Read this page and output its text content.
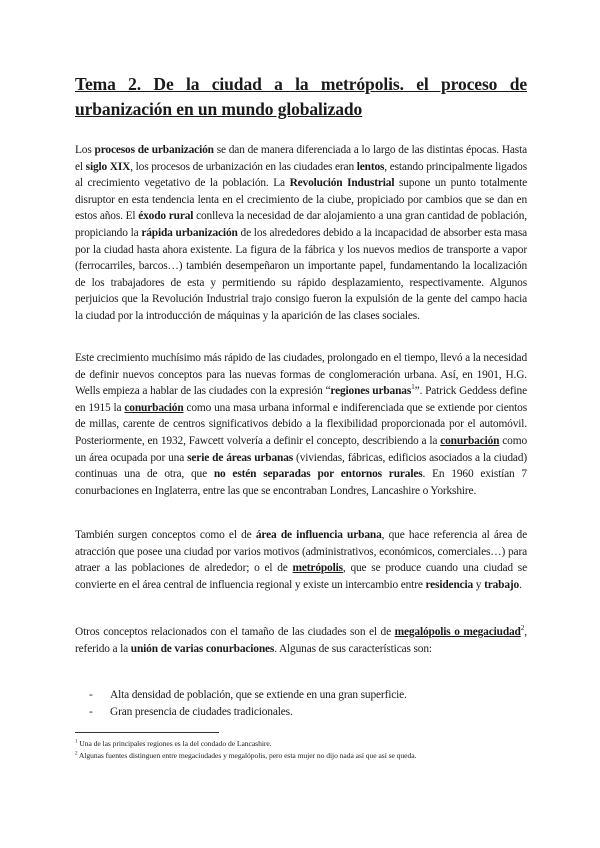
Tema 2. De la ciudad a la metrópolis. el proceso de urbanización en un mundo globalizado

Los procesos de urbanización se dan de manera diferenciada a lo largo de las distintas épocas. Hasta el siglo XIX, los procesos de urbanización en las ciudades eran lentos, estando principalmente ligados al crecimiento vegetativo de la población. La Revolución Industrial supone un punto totalmente disruptor en esta tendencia lenta en el crecimiento de la ciube, propiciado por cambios que se dan en estos años. El éxodo rural conlleva la necesidad de dar alojamiento a una gran cantidad de población, propiciando la rápida urbanización de los alrededores debido a la incapacidad de absorber esta masa por la ciudad hasta ahora existente. La figura de la fábrica y los nuevos medios de transporte a vapor (ferrocarriles, barcos…) también desempeñaron un importante papel, fundamentando la localización de los trabajadores de esta y permitiendo su rápido desplazamiento, respectivamente. Algunos perjuicios que la Revolución Industrial trajo consigo fueron la expulsión de la gente del campo hacia la ciudad por la introducción de máquinas y la aparición de las clases sociales.

Este crecimiento muchísimo más rápido de las ciudades, prolongado en el tiempo, llevó a la necesidad de definir nuevos conceptos para las nuevas formas de conglomeración urbana. Así, en 1901, H.G. Wells empieza a hablar de las ciudades con la expresión “regiones urbanas$^1$”. Patrick Geddess define en 1915 la conurbación como una masa urbana informal e indiferenciada que se extiende por cientos de millas, carente de centros significativos debido a la flexibilidad proporcionada por el automóvil. Posteriormente, en 1932, Fawcett volvería a definir el concepto, describiendo a la conurbación como un área ocupada por una serie de áreas urbanas (viviendas, fábricas, edificios asociados a la ciudad) continuas una de otra, que no estén separadas por entornos rurales. En 1960 existían 7 conurbaciones en Inglaterra, entre las que se encontraban Londres, Lancashire o Yorkshire.

También surgen conceptos como el de área de influencia urbana, que hace referencia al área de atracción que posee una ciudad por varios motivos (administrativos, económicos, comerciales…) para atraer a las poblaciones de alrededor; o el de metrópolis, que se produce cuando una ciudad se convierte en el área central de influencia regional y existe un intercambio entre residencia y trabajo.

Otros conceptos relacionados con el tamaño de las ciudades son el de megalópolis o megaciudad$^2$, referido a la unión de varias conurbaciones. Algunas de sus características son:

- Alta densidad de población, que se extiende en una gran superficie.
- Gran presencia de ciudades tradicionales.

$^1$ Una de las principales regiones es la del condado de Lancashire.

$^2$ Algunas fuentes distinguen entre megaciudades y megalópolis, pero esta mujer no dijo nada así que así se queda.
